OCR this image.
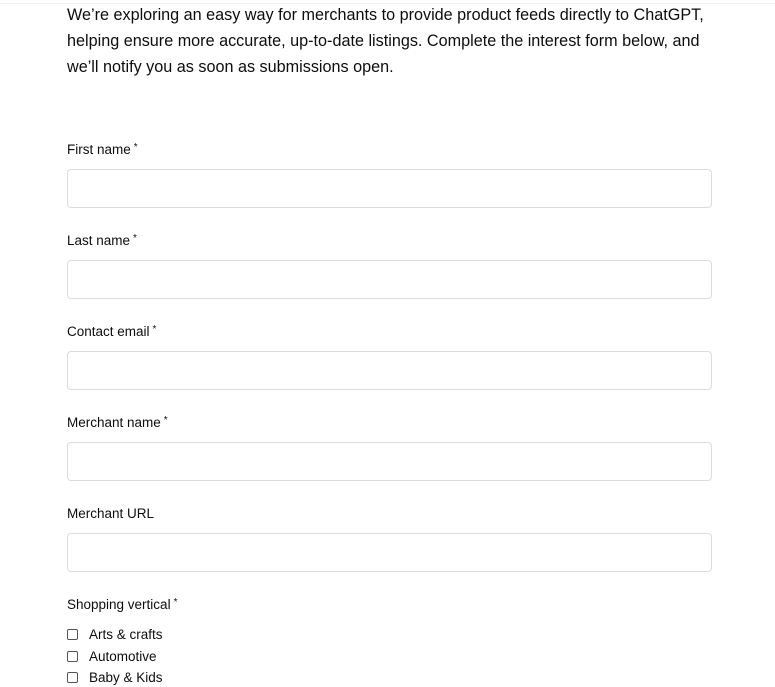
We’re exploring an easy way for merchants to provide product feeds directly to ChatGPT,
helping ensure more accurate, up-to-date listings. Complete the interest form below, and
we’ll notify you as soon as submissions open.

First name *
Last name *
Contact email *
Merchant name *
Merchant URL
Shopping vertical *
Arts & crafts
Automotive
Baby & Kids
